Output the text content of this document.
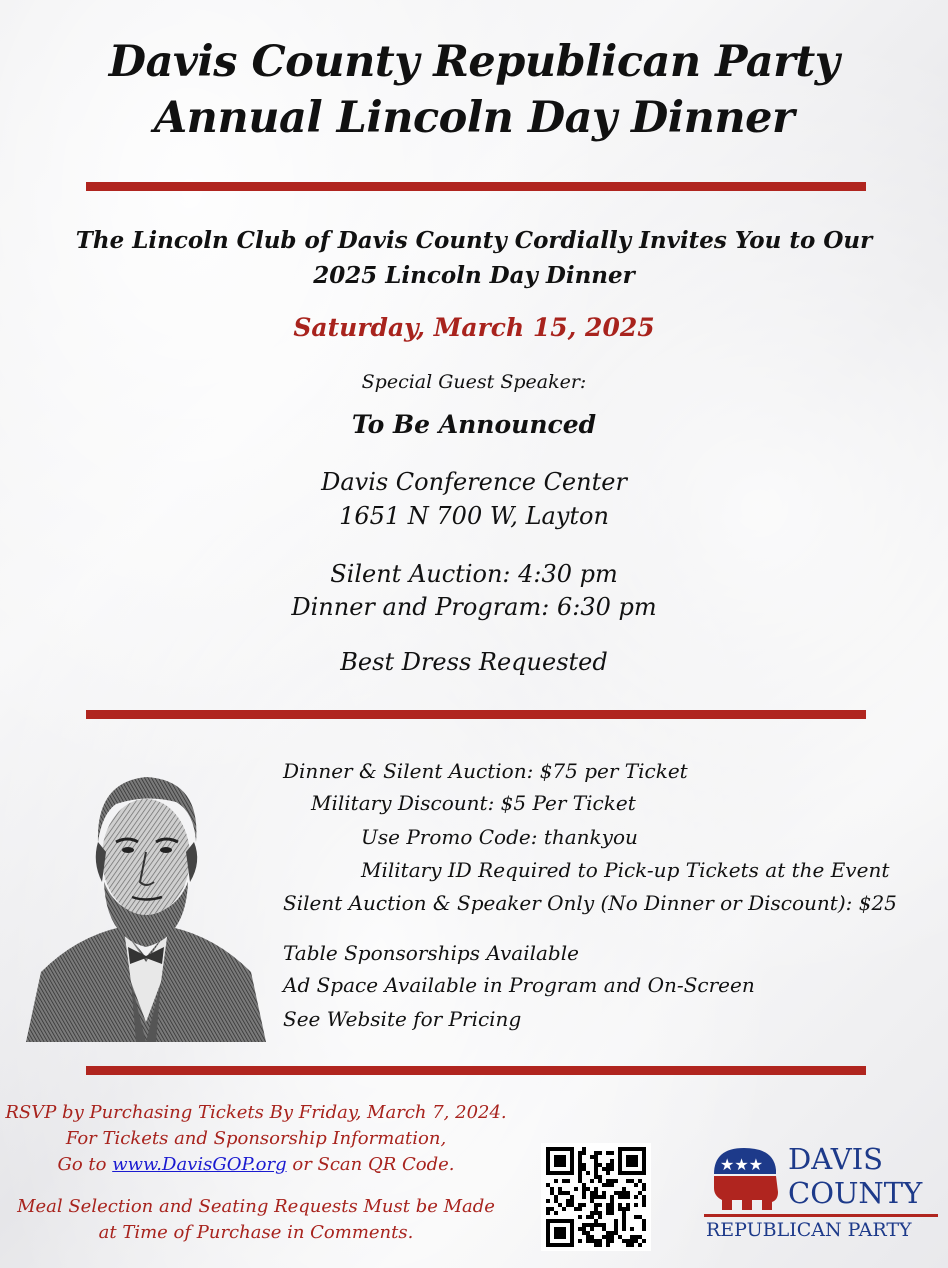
Davis County Republican Party
Annual Lincoln Day Dinner
The Lincoln Club of Davis County Cordially Invites You to Our
2025 Lincoln Day Dinner
Saturday, March 15, 2025
Special Guest Speaker:
To Be Announced
Davis Conference Center
1651 N 700 W, Layton
Silent Auction: 4:30 pm
Dinner and Program: 6:30 pm
Best Dress Requested
Dinner & Silent Auction: $75 per Ticket
Military Discount: $5 Per Ticket
Use Promo Code: thankyou
Military ID Required to Pick-up Tickets at the Event
Silent Auction & Speaker Only (No Dinner or Discount): $25
Table Sponsorships Available
Ad Space Available in Program and On-Screen
See Website for Pricing
RSVP by Purchasing Tickets By Friday, March 7, 2024.
For Tickets and Sponsorship Information,
Go to www.DavisGOP.org or Scan QR Code.
Meal Selection and Seating Requests Must be Made
at Time of Purchase in Comments.
★★★ DAVIS
COUNTY
REPUBLICAN PARTY
